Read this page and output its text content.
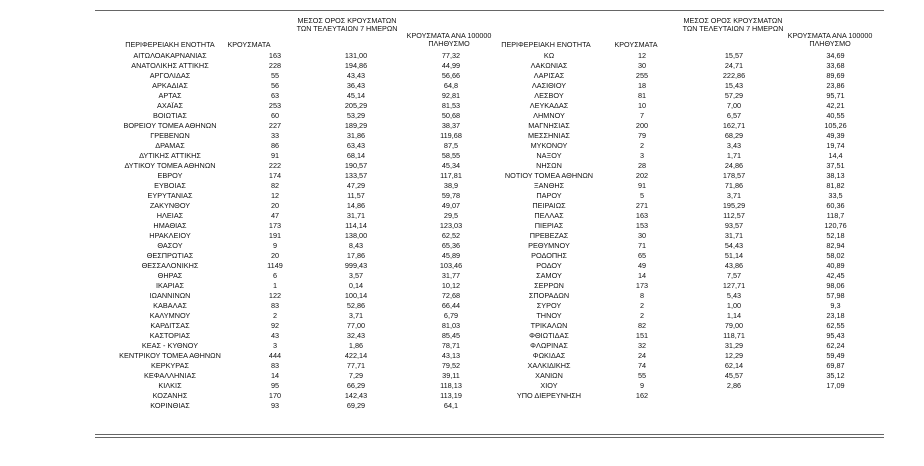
ΠΕΡΙΦΕΡΕΙΑΚΗ ΕΝΟΤΗΤΑ	ΚΡΟΥΣΜΑΤΑ
ΜΕΣΟΣ ΟΡΟΣ ΚΡΟΥΣΜΑΤΩΝ ΤΩΝ ΤΕΛΕΥΤΑΙΩΝ 7 ΗΜΕΡΩΝ
ΚΡΟΥΣΜΑΤΑ ΑΝΑ 100000 ΠΛΗΘΥΣΜΟ	ΠΕΡΙΦΕΡΕΙΑΚΗ ΕΝΟΤΗΤΑ	ΚΡΟΥΣΜΑΤΑ
ΜΕΣΟΣ ΟΡΟΣ ΚΡΟΥΣΜΑΤΩΝ ΤΩΝ ΤΕΛΕΥΤΑΙΩΝ 7 ΗΜΕΡΩΝ
ΚΡΟΥΣΜΑΤΑ ΑΝΑ 100000 ΠΛΗΘΥΣΜΟ
ΑΙΤΩΛΟΑΚΑΡΝΑΝΙΑΣ	163	131,00	77,32
ΑΝΑΤΟΛΙΚΗΣ ΑΤΤΙΚΗΣ	228	194,86	44,99
ΑΡΓΟΛΙΔΑΣ	55	43,43	56,66
ΑΡΚΑΔΙΑΣ	56	36,43	64,8
ΑΡΤΑΣ	63	45,14	92,81
ΑΧΑΪΑΣ	253	205,29	81,53
ΒΟΙΩΤΙΑΣ	60	53,29	50,68
ΒΟΡΕΙΟΥ ΤΟΜΕΑ ΑΘΗΝΩΝ	227	189,29	38,37
ΓΡΕΒΕΝΩΝ	33	31,86	119,68
ΔΡΑΜΑΣ	86	63,43	87,5
ΔΥΤΙΚΗΣ ΑΤΤΙΚΗΣ	91	68,14	58,55
ΔΥΤΙΚΟΥ ΤΟΜΕΑ ΑΘΗΝΩΝ	222	190,57	45,34
ΕΒΡΟΥ	174	133,57	117,81
ΕΥΒΟΙΑΣ	82	47,29	38,9
ΕΥΡΥΤΑΝΙΑΣ	12	11,57	59,78
ΖΑΚΥΝΘΟΥ	20	14,86	49,07
ΗΛΕΙΑΣ	47	31,71	29,5
ΗΜΑΘΙΑΣ	173	114,14	123,03
ΗΡΑΚΛΕΙΟΥ	191	138,00	62,52
ΘΑΣΟΥ	9	8,43	65,36
ΘΕΣΠΡΩΤΙΑΣ	20	17,86	45,89
ΘΕΣΣΑΛΟΝΙΚΗΣ	1149	999,43	103,46
ΘΗΡΑΣ	6	3,57	31,77
ΙΚΑΡΙΑΣ	1	0,14	10,12
ΙΩΑΝΝΙΝΩΝ	122	100,14	72,68
ΚΑΒΑΛΑΣ	83	52,86	66,44
ΚΑΛΥΜΝΟΥ	2	3,71	6,79
ΚΑΡΔΙΤΣΑΣ	92	77,00	81,03
ΚΑΣΤΟΡΙΑΣ	43	32,43	85,45
ΚΕΑΣ - ΚΥΘΝΟΥ	3	1,86	78,71
ΚΕΝΤΡΙΚΟΥ ΤΟΜΕΑ ΑΘΗΝΩΝ	444	422,14	43,13
ΚΕΡΚΥΡΑΣ	83	77,71	79,52
ΚΕΦΑΛΛΗΝΙΑΣ	14	7,29	39,11
ΚΙΛΚΙΣ	95	66,29	118,13
ΚΟΖΑΝΗΣ	170	142,43	113,19
ΚΟΡΙΝΘΙΑΣ	93	69,29	64,1
ΚΩ	12	15,57	34,69
ΛΑΚΩΝΙΑΣ	30	24,71	33,68
ΛΑΡΙΣΑΣ	255	222,86	89,69
ΛΑΣΙΘΙΟΥ	18	15,43	23,86
ΛΕΣΒΟΥ	81	57,29	95,71
ΛΕΥΚΑΔΑΣ	10	7,00	42,21
ΛΗΜΝΟΥ	7	6,57	40,55
ΜΑΓΝΗΣΙΑΣ	200	162,71	105,26
ΜΕΣΣΗΝΙΑΣ	79	68,29	49,39
ΜΥΚΟΝΟΥ	2	3,43	19,74
ΝΑΞΟΥ	3	1,71	14,4
ΝΗΣΩΝ	28	24,86	37,51
ΝΟΤΙΟΥ ΤΟΜΕΑ ΑΘΗΝΩΝ	202	178,57	38,13
ΞΑΝΘΗΣ	91	71,86	81,82
ΠΑΡΟΥ	5	3,71	33,5
ΠΕΙΡΑΙΩΣ	271	195,29	60,36
ΠΕΛΛΑΣ	163	112,57	118,7
ΠΙΕΡΙΑΣ	153	93,57	120,76
ΠΡΕΒΕΖΑΣ	30	31,71	52,18
ΡΕΘΥΜΝΟΥ	71	54,43	82,94
ΡΟΔΟΠΗΣ	65	51,14	58,02
ΡΟΔΟΥ	49	43,86	40,89
ΣΑΜΟΥ	14	7,57	42,45
ΣΕΡΡΩΝ	173	127,71	98,06
ΣΠΟΡΑΔΩΝ	8	5,43	57,98
ΣΥΡΟΥ	2	1,00	9,3
ΤΗΝΟΥ	2	1,14	23,18
ΤΡΙΚΑΛΩΝ	82	79,00	62,55
ΦΘΙΩΤΙΔΑΣ	151	118,71	95,43
ΦΛΩΡΙΝΑΣ	32	31,29	62,24
ΦΩΚΙΔΑΣ	24	12,29	59,49
ΧΑΛΚΙΔΙΚΗΣ	74	62,14	69,87
ΧΑΝΙΩΝ	55	45,57	35,12
ΧΙΟΥ	9	2,86	17,09
ΥΠΟ ΔΙΕΡΕΥΝΗΣΗ	162
